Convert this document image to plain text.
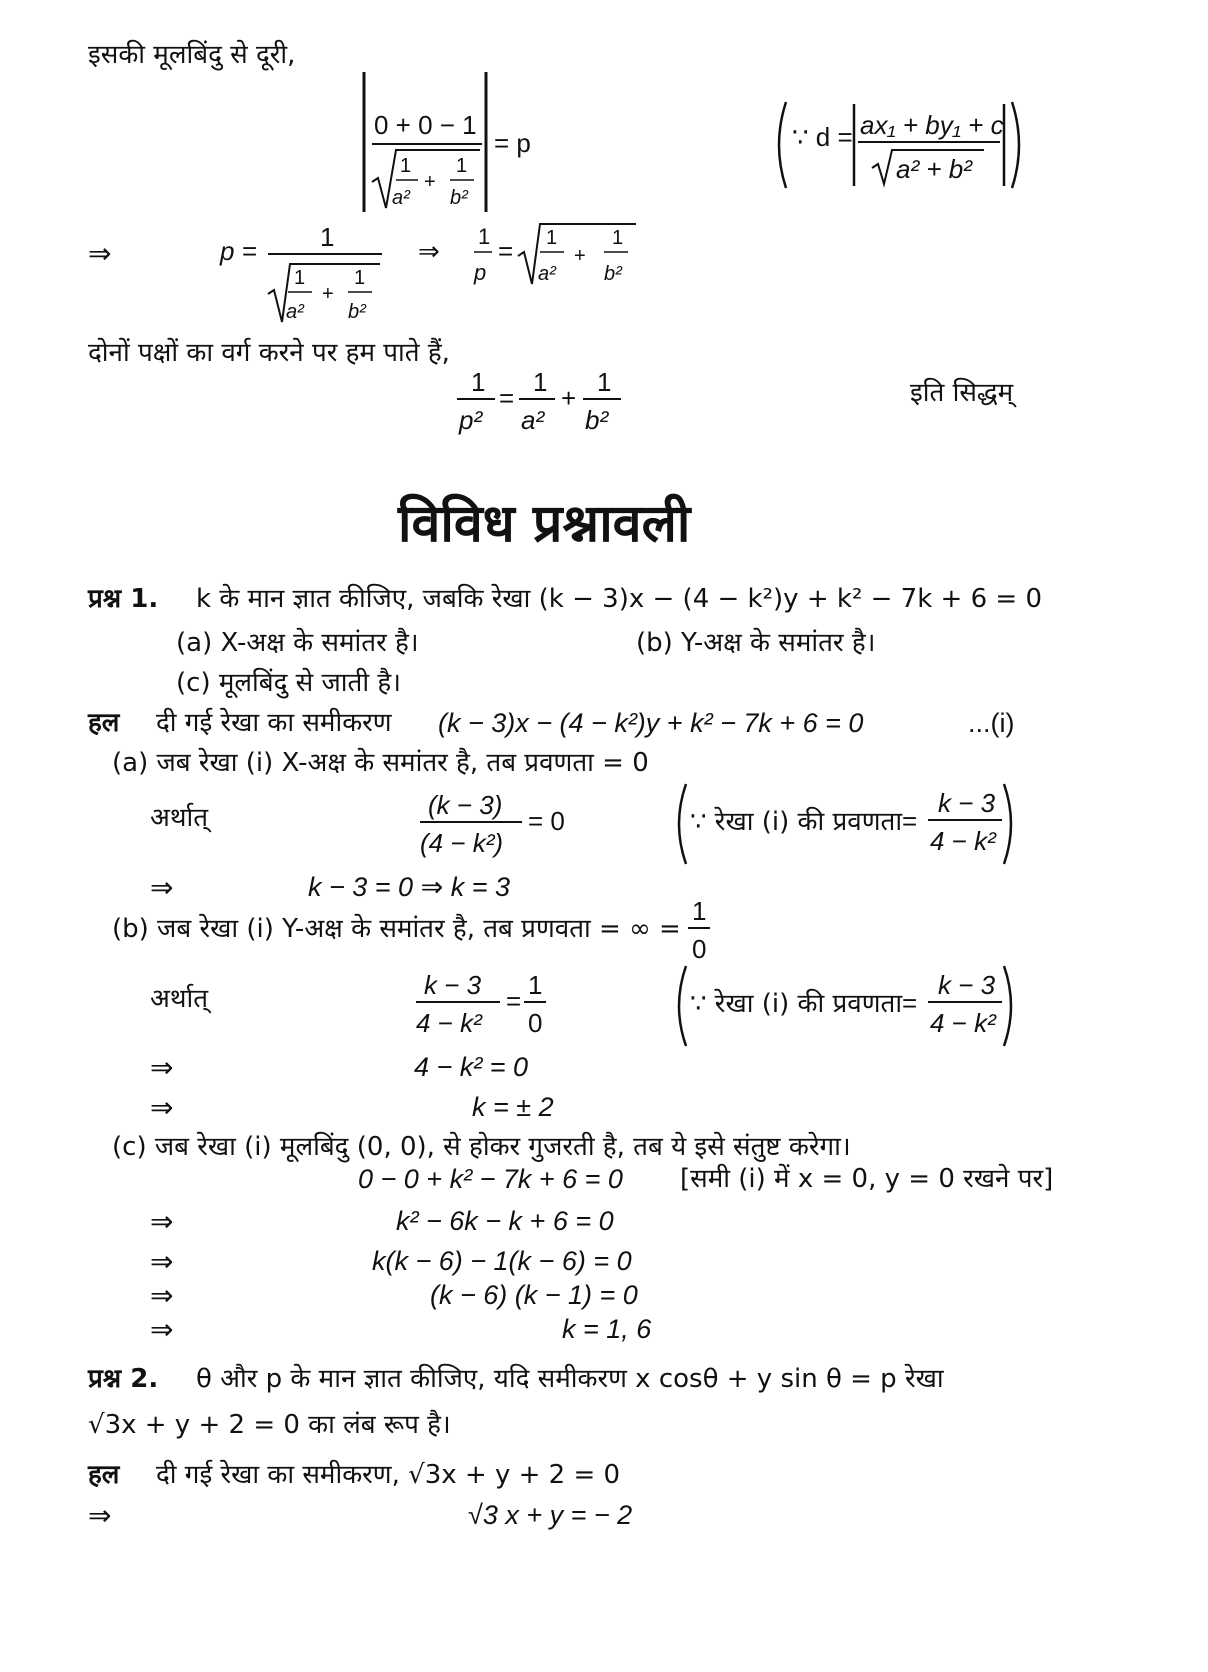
इसकी मूलबिंदु से दूरी,
0 + 0 − 1
1
a²
+
1
b²
= p	∵ d = ax₁ + by₁ + c
a² + b²
⇒	p = 1
1
a²
+
1
b²
⇒
1
p
= 1
a²
+
1
b²
दोनों पक्षों का वर्ग करने पर हम पाते हैं,
1
p²
=
1
a²
+
1
b²
इति सिद्धम्
विविध प्रश्नावली
प्रश्न 1. k के मान ज्ञात कीजिए, जबकि रेखा (k − 3)x − (4 − k²)y + k² − 7k + 6 = 0
(a) X-अक्ष के समांतर है।	(b) Y-अक्ष के समांतर है।
(c) मूलबिंदु से जाती है।
हल दी गई रेखा का समीकरण (k − 3)x − (4 − k²)y + k² − 7k + 6 = 0	...(i)
(a) जब रेखा (i) X-अक्ष के समांतर है, तब प्रवणता = 0
अर्थात्	(k − 3)
(4 − k²)
= 0	∵ रेखा (i) की प्रवणता =
k − 3
4 − k²
⇒	k − 3 = 0 ⇒ k = 3
(b) जब रेखा (i) Y-अक्ष के समांतर है, तब प्रणवता = ∞ =
1
0
अर्थात्	k − 3
4 − k²
=
1
0
∵ रेखा (i) की प्रवणता =
k − 3
4 − k²
⇒	4 − k² = 0
⇒	k = ± 2
(c) जब रेखा (i) मूलबिंदु (0, 0), से होकर गुजरती है, तब ये इसे संतुष्ट करेगा।
0 − 0 + k² − 7k + 6 = 0 [समी (i) में x = 0, y = 0 रखने पर]
⇒	k² − 6k − k + 6 = 0
⇒	k(k − 6) − 1(k − 6) = 0
⇒	(k − 6) (k − 1) = 0
⇒	k = 1, 6
प्रश्न 2. θ और p के मान ज्ञात कीजिए, यदि समीकरण x cosθ + y sin θ = p रेखा
√3x + y + 2 = 0 का लंब रूप है।
हल दी गई रेखा का समीकरण, √3x + y + 2 = 0
⇒	√3 x + y = − 2
